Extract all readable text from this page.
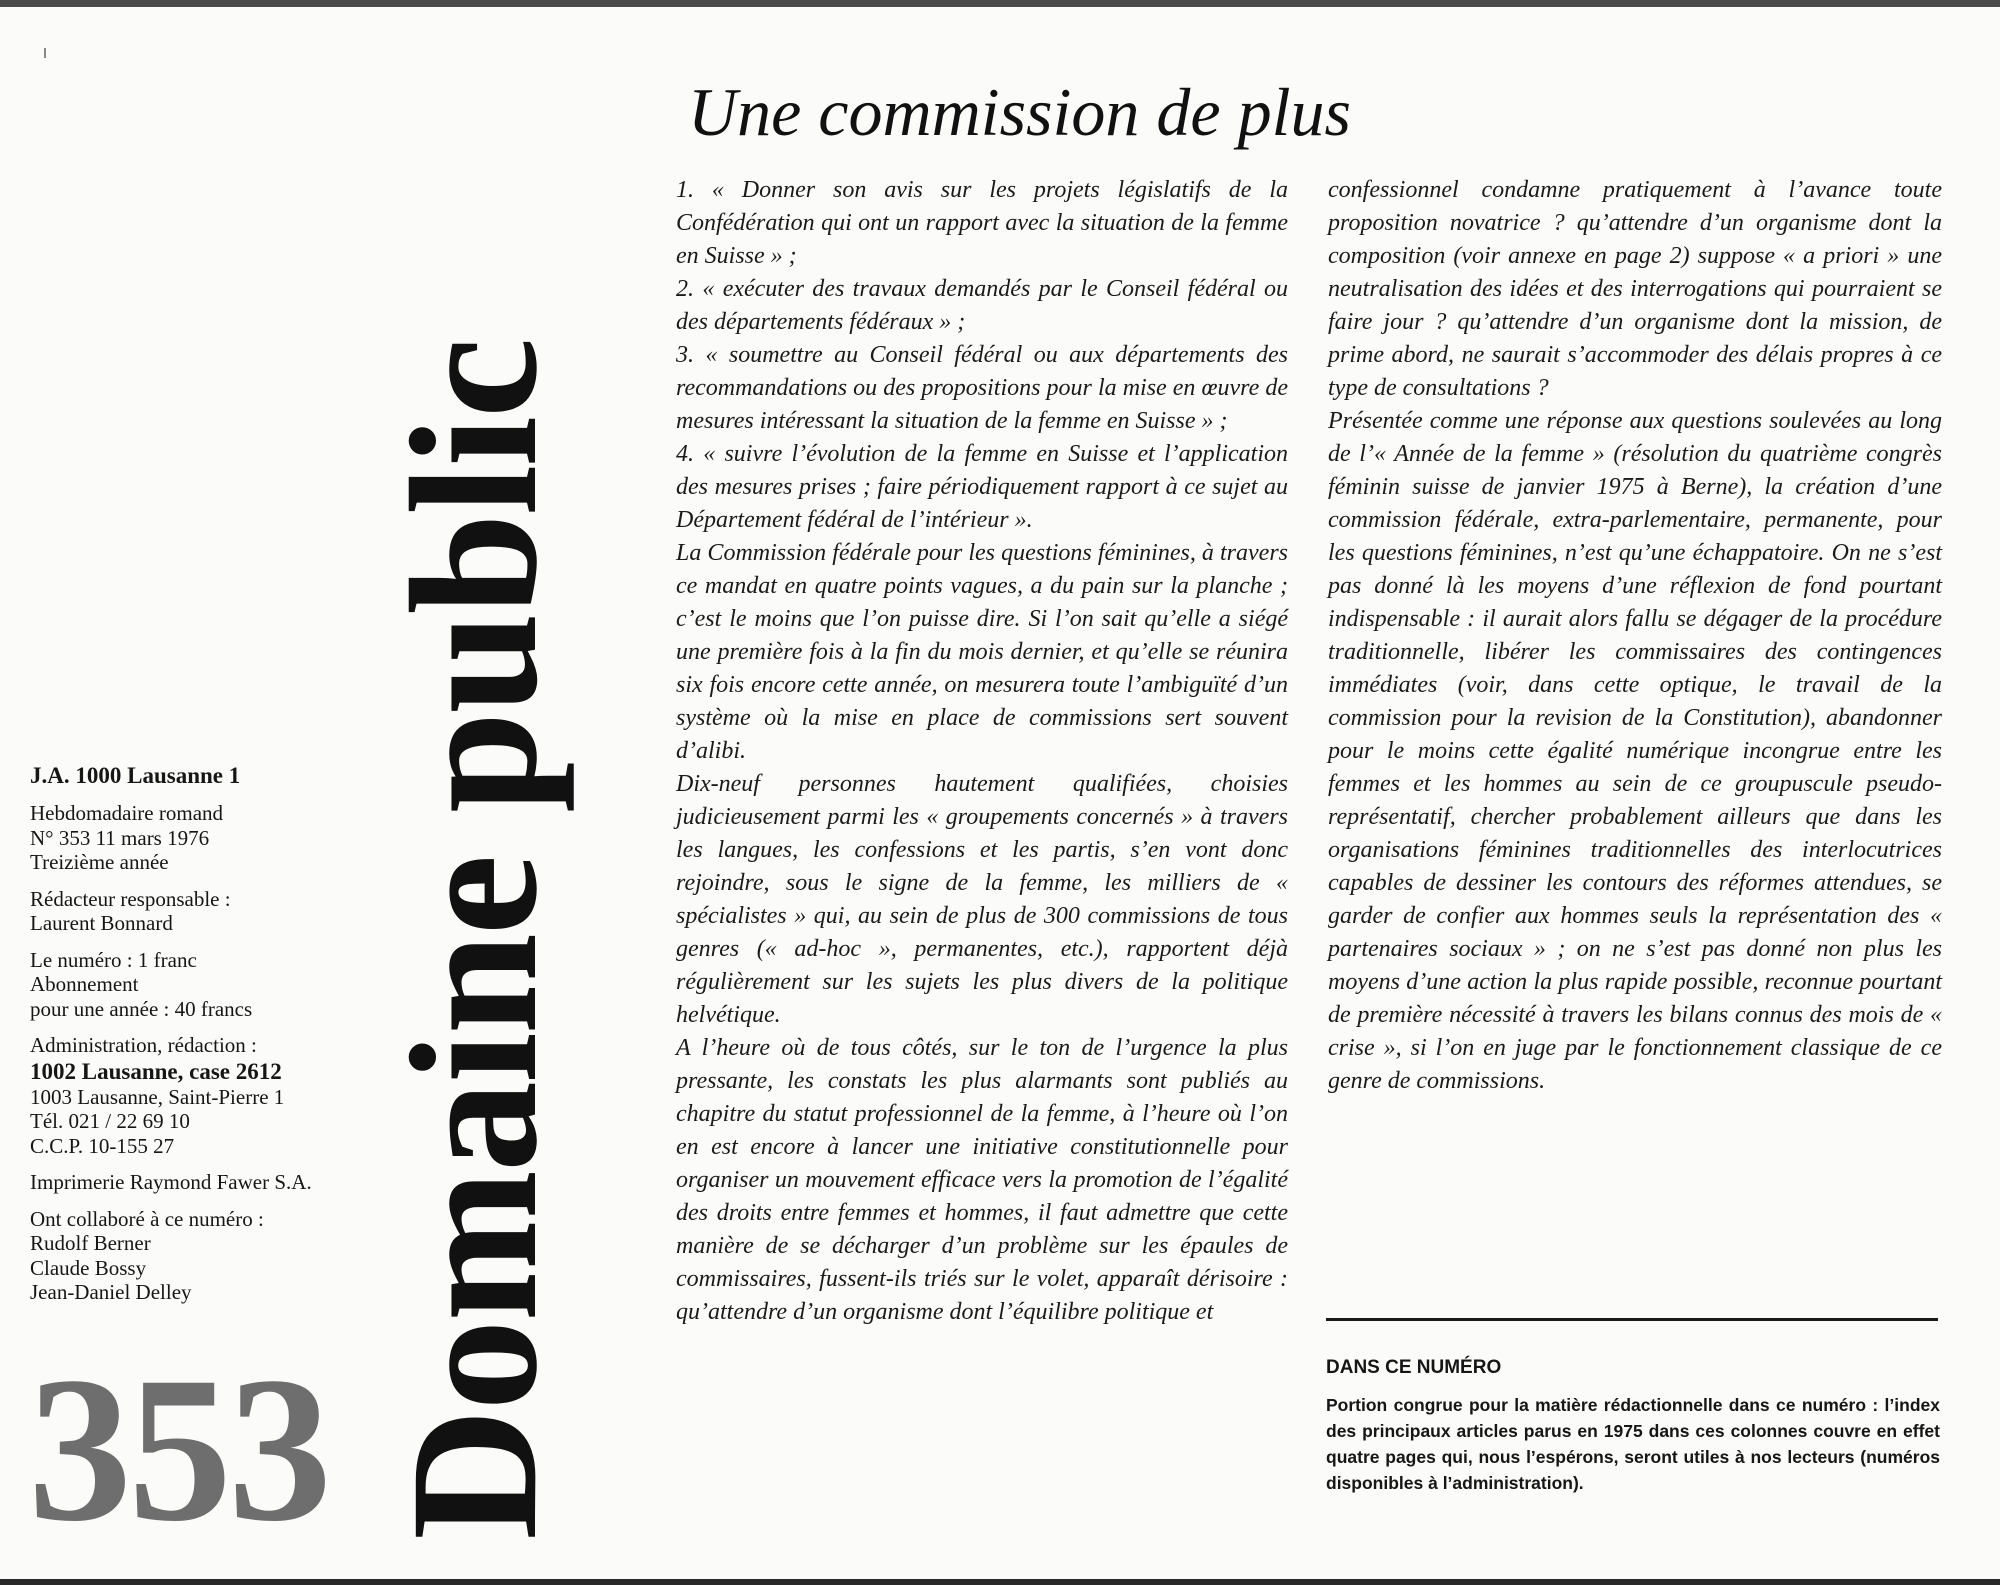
J.A. 1000 Lausanne 1
Hebdomadaire romand
N° 353 11 mars 1976
Treizième année
Rédacteur responsable :
Laurent Bonnard
Le numéro : 1 franc
Abonnement
pour une année : 40 francs
Administration, rédaction :
1002 Lausanne, case 2612
1003 Lausanne, Saint-Pierre 1
Tél. 021 / 22 69 10
C.C.P. 10-155 27
Imprimerie Raymond Fawer S.A.
Ont collaboré à ce numéro :
Rudolf Berner
Claude Bossy
Jean-Daniel Delley
353 Domaine public
Une commission de plus

1. « Donner son avis sur les projets législatifs de la Confédération qui ont un rapport avec la situation de la femme en Suisse » ;

2. « exécuter des travaux demandés par le Conseil fédéral ou des départements fédéraux » ;

3. « soumettre au Conseil fédéral ou aux départements des recommandations ou des propositions pour la mise en œuvre de mesures intéressant la situation de la femme en Suisse » ;

4. « suivre l’évolution de la femme en Suisse et l’application des mesures prises ; faire périodiquement rapport à ce sujet au Département fédéral de l’intérieur ».

La Commission fédérale pour les questions féminines, à travers ce mandat en quatre points vagues, a du pain sur la planche ; c’est le moins que l’on puisse dire. Si l’on sait qu’elle a siégé une première fois à la fin du mois dernier, et qu’elle se réunira six fois encore cette année, on mesurera toute l’ambiguïté d’un système où la mise en place de commissions sert souvent d’alibi.

Dix-neuf personnes hautement qualifiées, choisies judicieusement parmi les « groupements concernés » à travers les langues, les confessions et les partis, s’en vont donc rejoindre, sous le signe de la femme, les milliers de « spécialistes » qui, au sein de plus de 300 commissions de tous genres (« ad-hoc », permanentes, etc.), rapportent déjà régulièrement sur les sujets les plus divers de la politique helvétique.

A l’heure où de tous côtés, sur le ton de l’urgence la plus pressante, les constats les plus alarmants sont publiés au chapitre du statut professionnel de la femme, à l’heure où l’on en est encore à lancer une initiative constitutionnelle pour organiser un mouvement efficace vers la promotion de l’égalité des droits entre femmes et hommes, il faut admettre que cette manière de se décharger d’un problème sur les épaules de commissaires, fussent-ils triés sur le volet, apparaît dérisoire : qu’attendre d’un organisme dont l’équilibre politique et

confessionnel condamne pratiquement à l’avance toute proposition novatrice ? qu’attendre d’un organisme dont la composition (voir annexe en page 2) suppose « a priori » une neutralisation des idées et des interrogations qui pourraient se faire jour ? qu’attendre d’un organisme dont la mission, de prime abord, ne saurait s’accommoder des délais propres à ce type de consultations ?

Présentée comme une réponse aux questions soulevées au long de l’« Année de la femme » (résolution du quatrième congrès féminin suisse de janvier 1975 à Berne), la création d’une commission fédérale, extra-parlementaire, permanente, pour les questions féminines, n’est qu’une échappatoire. On ne s’est pas donné là les moyens d’une réflexion de fond pourtant indispensable : il aurait alors fallu se dégager de la procédure traditionnelle, libérer les commissaires des contingences immédiates (voir, dans cette optique, le travail de la commission pour la revision de la Constitution), abandonner pour le moins cette égalité numérique incongrue entre les femmes et les hommes au sein de ce groupuscule pseudo-représentatif, chercher probablement ailleurs que dans les organisations féminines traditionnelles des interlocutrices capables de dessiner les contours des réformes attendues, se garder de confier aux hommes seuls la représentation des « partenaires sociaux » ; on ne s’est pas donné non plus les moyens d’une action la plus rapide possible, reconnue pourtant de première nécessité à travers les bilans connus des mois de « crise », si l’on en juge par le fonctionnement classique de ce genre de commissions.

DANS CE NUMÉRO
Portion congrue pour la matière rédactionnelle dans ce numéro : l’index des principaux articles parus en 1975 dans ces colonnes couvre en effet quatre pages qui, nous l’espérons, seront utiles à nos lecteurs (numéros disponibles à l’administration).
